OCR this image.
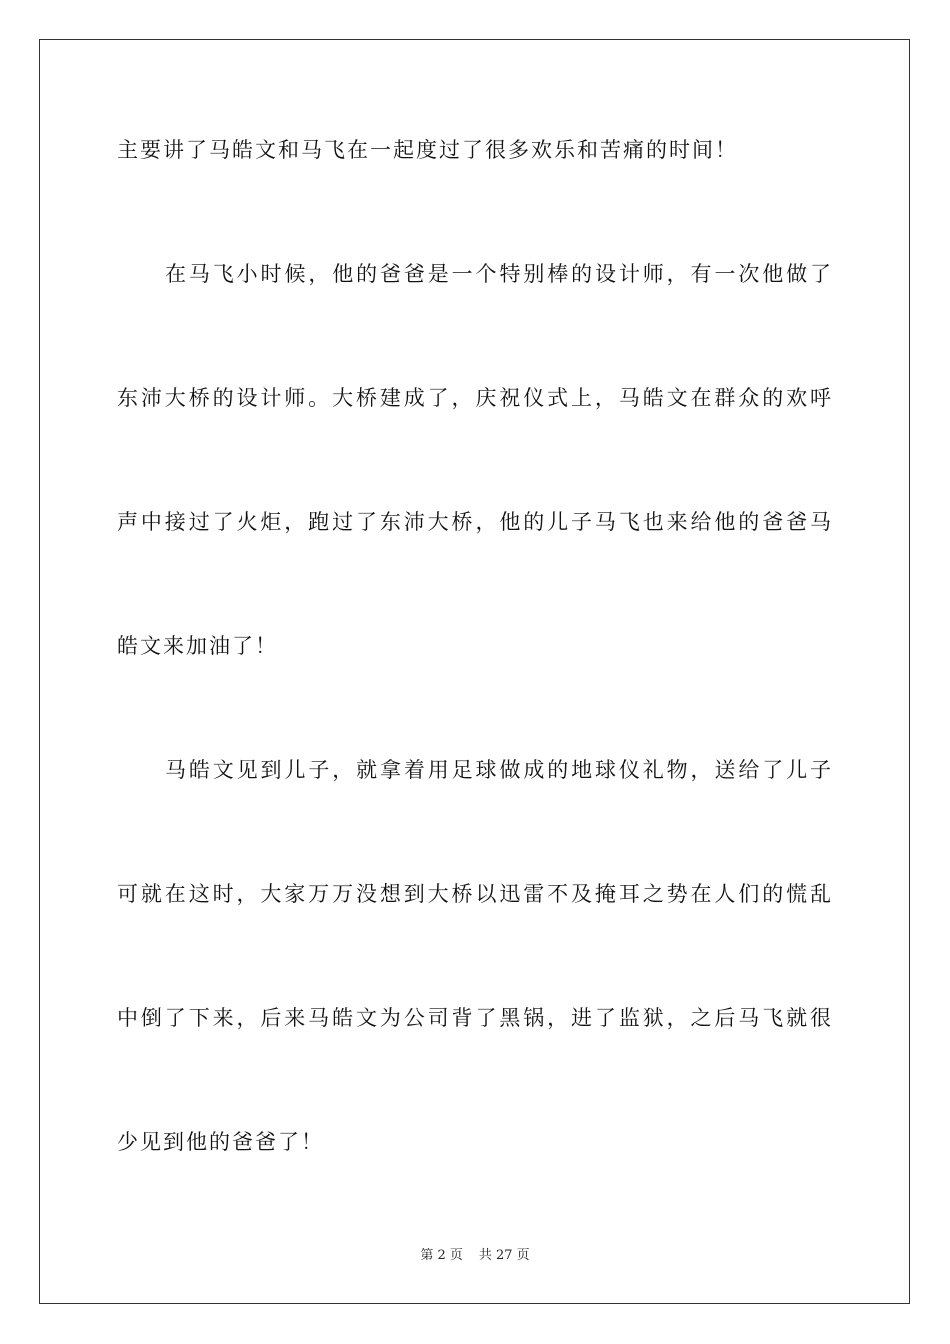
主要讲了马皓文和马飞在一起度过了很多欢乐和苦痛的时间！
在马飞小时候，他的爸爸是一个特别棒的设计师，有一次他做了
东沛大桥的设计师。大桥建成了，庆祝仪式上，马皓文在群众的欢呼
声中接过了火炬，跑过了东沛大桥，他的儿子马飞也来给他的爸爸马
皓文来加油了！
马皓文见到儿子，就拿着用足球做成的地球仪礼物，送给了儿子
可就在这时，大家万万没想到大桥以迅雷不及掩耳之势在人们的慌乱
中倒了下来，后来马皓文为公司背了黑锅，进了监狱，之后马飞就很
少见到他的爸爸了！
第 2 页 共 27 页
